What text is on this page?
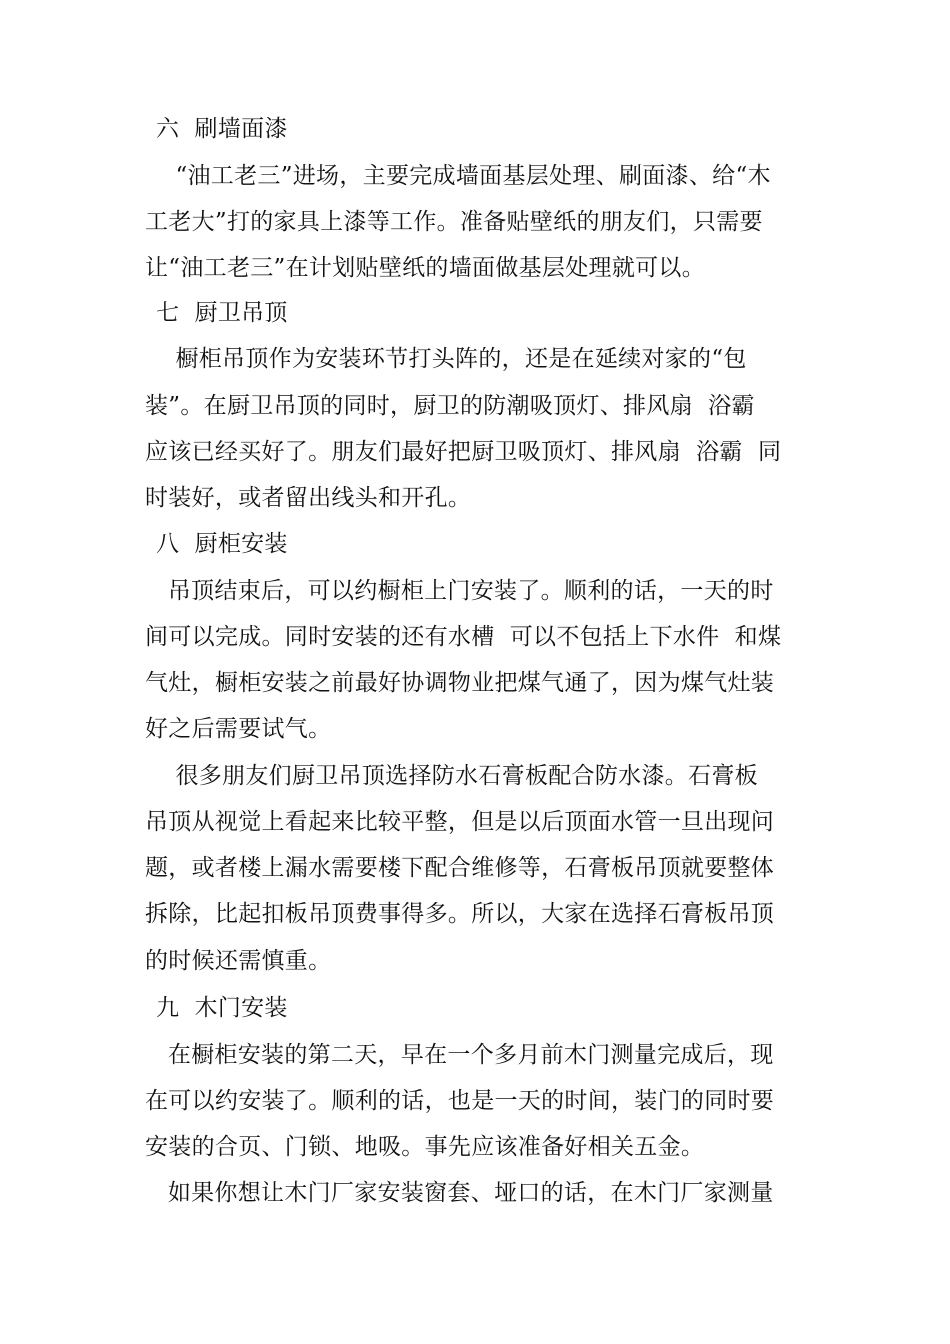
六  刷墙面漆
“油工老三”进场，主要完成墙面基层处理、刷面漆、给“木
工老大”打的家具上漆等工作。准备贴壁纸的朋友们，只需要
让“油工老三”在计划贴壁纸的墙面做基层处理就可以。
七  厨卫吊顶
橱柜吊顶作为安装环节打头阵的，还是在延续对家的“包
装”。在厨卫吊顶的同时，厨卫的防潮吸顶灯、排风扇  浴霸
应该已经买好了。朋友们最好把厨卫吸顶灯、排风扇  浴霸  同
时装好，或者留出线头和开孔。
八  厨柜安装
吊顶结束后，可以约橱柜上门安装了。顺利的话，一天的时
间可以完成。同时安装的还有水槽  可以不包括上下水件  和煤
气灶，橱柜安装之前最好协调物业把煤气通了，因为煤气灶装
好之后需要试气。
很多朋友们厨卫吊顶选择防水石膏板配合防水漆。石膏板
吊顶从视觉上看起来比较平整，但是以后顶面水管一旦出现问
题，或者楼上漏水需要楼下配合维修等，石膏板吊顶就要整体
拆除，比起扣板吊顶费事得多。所以，大家在选择石膏板吊顶
的时候还需慎重。
九  木门安装
在橱柜安装的第二天，早在一个多月前木门测量完成后，现
在可以约安装了。顺利的话，也是一天的时间，装门的同时要
安装的合页、门锁、地吸。事先应该准备好相关五金。
如果你想让木门厂家安装窗套、垭口的话，在木门厂家测量
